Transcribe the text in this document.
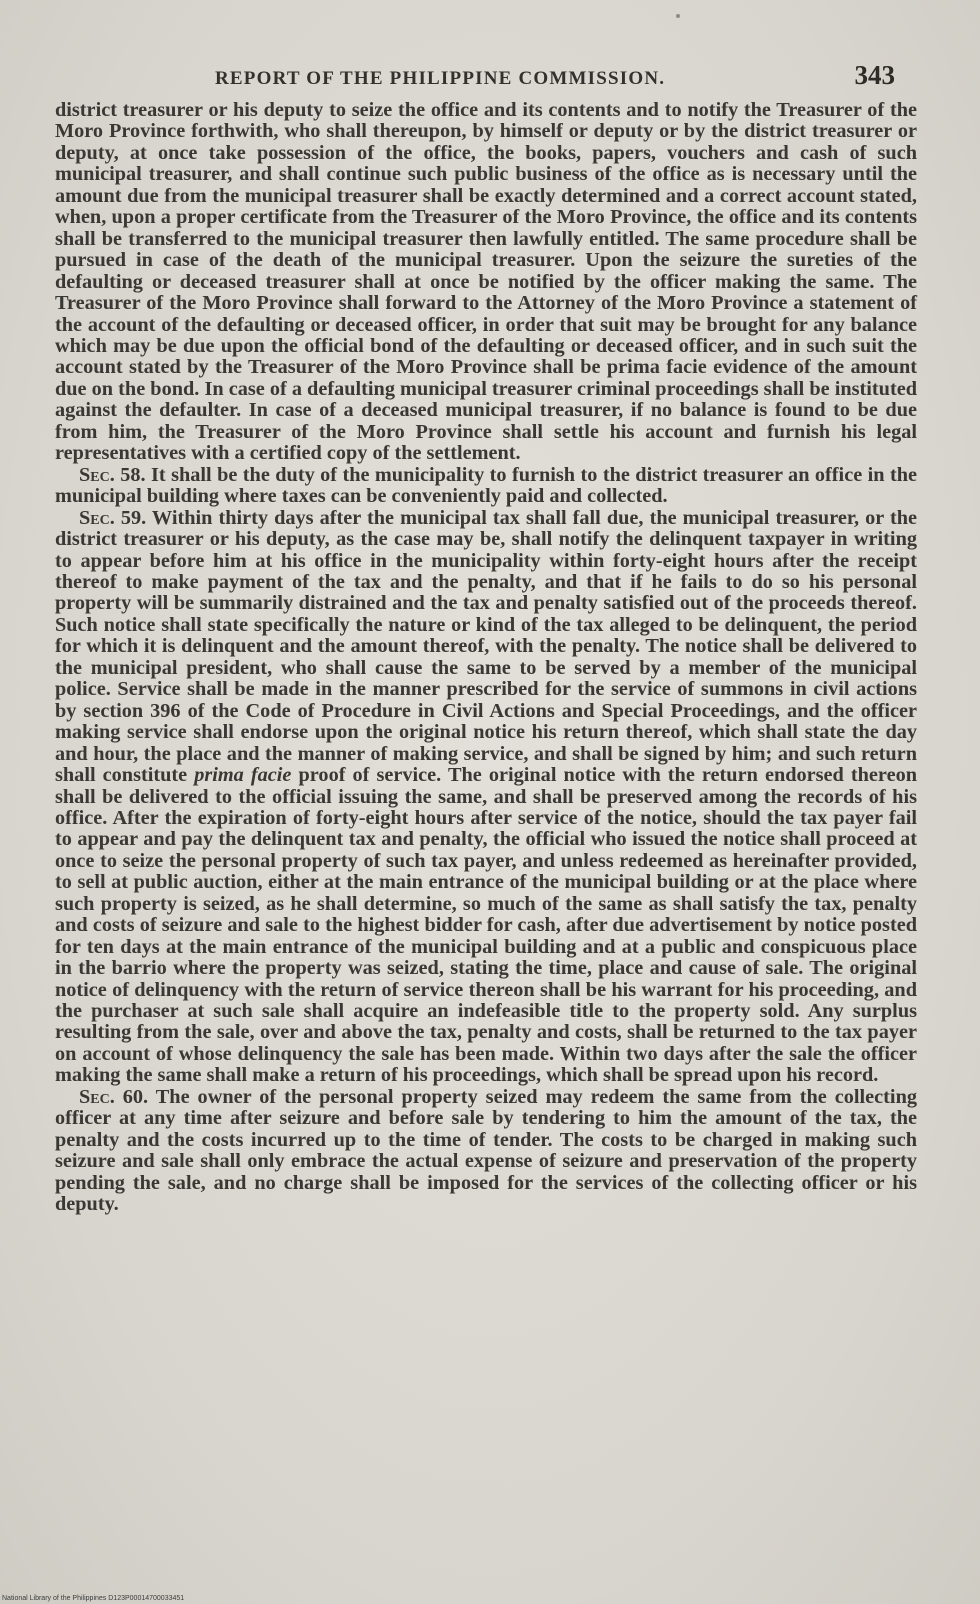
REPORT OF THE PHILIPPINE COMMISSION.	343

district treasurer or his deputy to seize the office and its contents and to notify the Treasurer of the Moro Province forthwith, who shall thereupon, by himself or deputy or by the district treasurer or deputy, at once take possession of the office, the books, papers, vouchers and cash of such municipal treasurer, and shall continue such public business of the office as is necessary until the amount due from the municipal treasurer shall be exactly determined and a correct account stated, when, upon a proper certificate from the Treasurer of the Moro Province, the office and its contents shall be transferred to the municipal treasurer then lawfully entitled. The same procedure shall be pursued in case of the death of the municipal treasurer. Upon the seizure the sureties of the defaulting or deceased treasurer shall at once be notified by the officer making the same. The Treasurer of the Moro Province shall forward to the Attorney of the Moro Province a statement of the account of the defaulting or deceased officer, in order that suit may be brought for any balance which may be due upon the official bond of the defaulting or deceased officer, and in such suit the account stated by the Treasurer of the Moro Province shall be prima facie evidence of the amount due on the bond. In case of a defaulting municipal treasurer criminal proceedings shall be instituted against the defaulter. In case of a deceased municipal treasurer, if no balance is found to be due from him, the Treasurer of the Moro Province shall settle his account and furnish his legal representatives with a certified copy of the settlement.

Sec. 58. It shall be the duty of the municipality to furnish to the district treasurer an office in the municipal building where taxes can be conveniently paid and collected.

Sec. 59. Within thirty days after the municipal tax shall fall due, the municipal treasurer, or the district treasurer or his deputy, as the case may be, shall notify the delinquent taxpayer in writing to appear before him at his office in the municipality within forty-eight hours after the receipt thereof to make payment of the tax and the penalty, and that if he fails to do so his personal property will be summarily distrained and the tax and penalty satisfied out of the proceeds thereof. Such notice shall state specifically the nature or kind of the tax alleged to be delinquent, the period for which it is delinquent and the amount thereof, with the penalty. The notice shall be delivered to the municipal president, who shall cause the same to be served by a member of the municipal police. Service shall be made in the manner prescribed for the service of summons in civil actions by section 396 of the Code of Procedure in Civil Actions and Special Proceedings, and the officer making service shall endorse upon the original notice his return thereof, which shall state the day and hour, the place and the manner of making service, and shall be signed by him; and such return shall constitute prima facie proof of service. The original notice with the return endorsed thereon shall be delivered to the official issuing the same, and shall be preserved among the records of his office. After the expiration of forty-eight hours after service of the notice, should the tax payer fail to appear and pay the delinquent tax and penalty, the official who issued the notice shall proceed at once to seize the personal property of such tax payer, and unless redeemed as hereinafter provided, to sell at public auction, either at the main entrance of the municipal building or at the place where such property is seized, as he shall determine, so much of the same as shall satisfy the tax, penalty and costs of seizure and sale to the highest bidder for cash, after due advertisement by notice posted for ten days at the main entrance of the municipal building and at a public and conspicuous place in the barrio where the property was seized, stating the time, place and cause of sale. The original notice of delinquency with the return of service thereon shall be his warrant for his proceeding, and the purchaser at such sale shall acquire an indefeasible title to the property sold. Any surplus resulting from the sale, over and above the tax, penalty and costs, shall be returned to the tax payer on account of whose delinquency the sale has been made. Within two days after the sale the officer making the same shall make a return of his proceedings, which shall be spread upon his record.

Sec. 60. The owner of the personal property seized may redeem the same from the collecting officer at any time after seizure and before sale by tendering to him the amount of the tax, the penalty and the costs incurred up to the time of tender. The costs to be charged in making such seizure and sale shall only embrace the actual expense of seizure and preservation of the property pending the sale, and no charge shall be imposed for the services of the collecting officer or his deputy.

National Library of the Philippines D123P00014700033451
